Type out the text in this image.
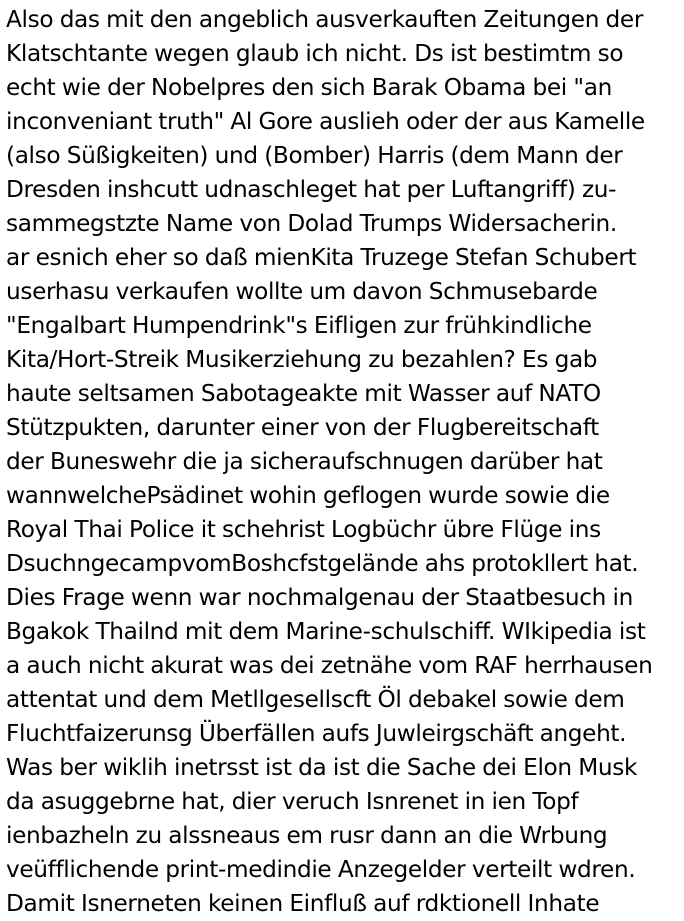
Also das mit den angeblich ausverkauften Zeitungen der
Klatschtante wegen glaub ich nicht. Ds ist bestimtm so
echt wie der Nobelpres den sich Barak Obama bei "an
inconveniant truth" Al Gore auslieh oder der aus Kamelle
(also Süßigkeiten) und (Bomber) Harris (dem Mann der
Dresden inshcutt udnaschleget hat per Luftangriff) zu-
sammegstzte Name von Dolad Trumps Widersacherin.
ar esnich eher so daß mienKita Truzege Stefan Schubert
userhasu verkaufen wollte um davon Schmusebarde
"Engalbart Humpendrink"s Eifligen zur frühkindliche
Kita/Hort-Streik Musikerziehung zu bezahlen? Es gab
haute seltsamen Sabotageakte mit Wasser auf NATO
Stützpukten, darunter einer von der Flugbereitschaft
der Buneswehr die ja sicheraufschnugen darüber hat
wannwelchePsädinet wohin geflogen wurde sowie die
Royal Thai Police it schehrist Logbüchr übre Flüge ins
DsuchngecampvomBoshcfstgelände ahs protokllert hat.
Dies Frage wenn war nochmalgenau der Staatbesuch in
Bgakok Thailnd mit dem Marine-schulschiff. WIkipedia ist
a auch nicht akurat was dei zetnähe vom RAF herrhausen
attentat und dem Metllgesellscft Öl debakel sowie dem
Fluchtfaizerunsg Überfällen aufs Juwleirgschäft angeht.
Was ber wiklih inetrsst ist da ist die Sache dei Elon Musk
da asuggebrne hat, dier veruch Isnrenet in ien Topf
ienbazheln zu alssneaus em rusr dann an die Wrbung
veüfflichende print-medindie Anzegelder verteilt wdren.
Damit Isnerneten keinen Einfluß auf rdktionell Inhate
